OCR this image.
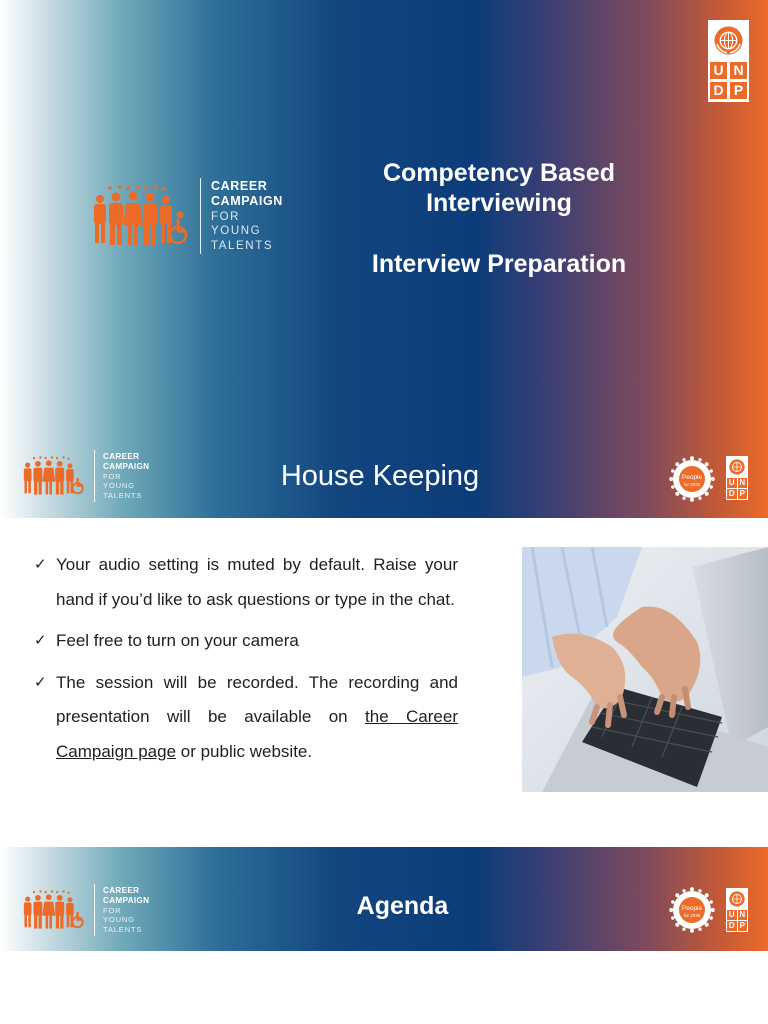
U N
D P
Competency Based
Interviewing
Interview Preparation
CAREER
CAMPAIGN
FOR
YOUNG
TALENTS
CAREER
CAMPAIGN
FOR
YOUNG
TALENTS
House Keeping	People
for 2030	U N
D P
✓ Your audio setting is muted by default. Raise your hand if you’d like to ask questions or type in the chat.
✓ Feel free to turn on your camera
✓ The session will be recorded. The recording and presentation will be available on the Career Campaign page or public website.
CAREER
CAMPAIGN
FOR
YOUNG
TALENTS
Agenda	People
for 2030	U N
D P
